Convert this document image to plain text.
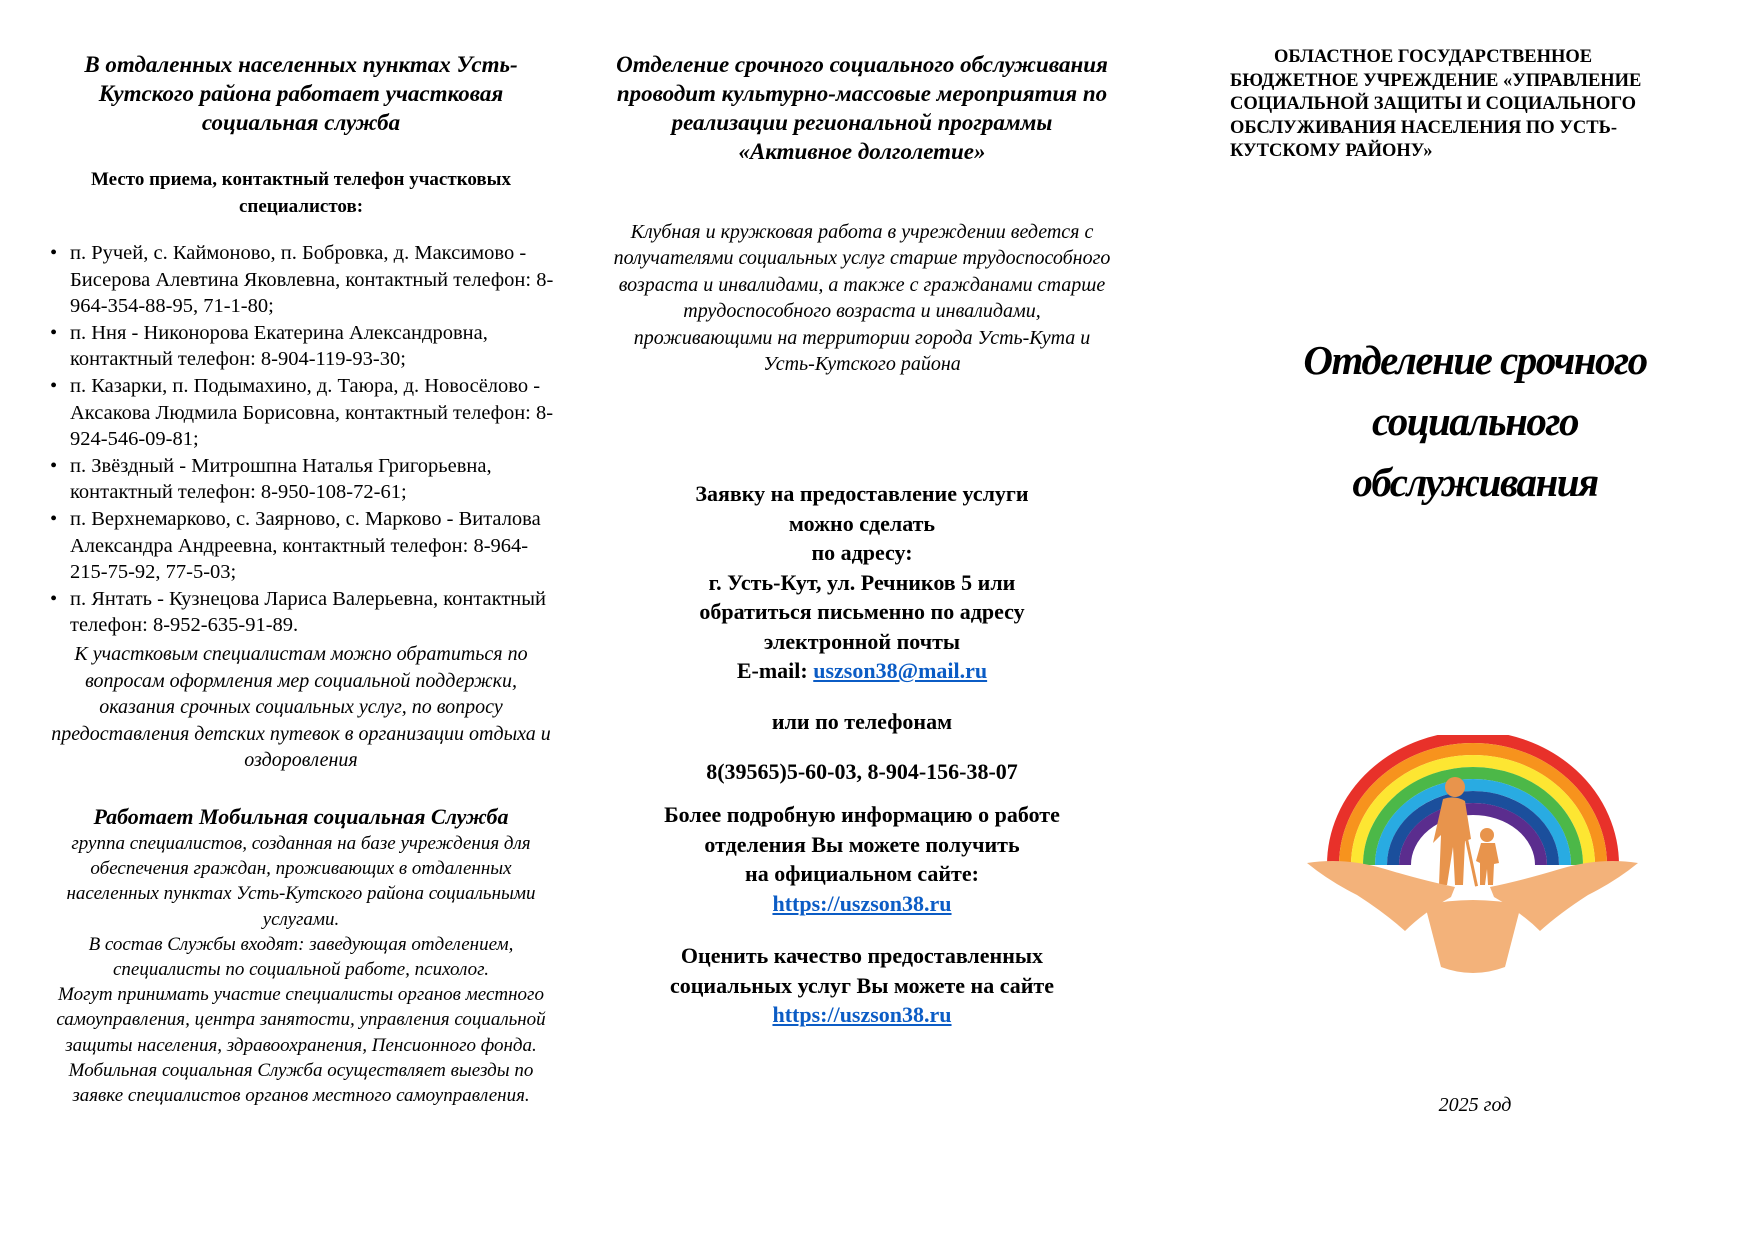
В отдаленных населенных пунктах Усть-Кутского района работает участковая социальная служба
Место приема, контактный телефон участковых специалистов:
• п. Ручей, с. Каймоново, п. Бобровка, д. Максимово - Бисерова Алевтина Яковлевна, контактный телефон: 8-964-354-88-95, 71-1-80;
• п. Ння - Никонорова Екатерина Александровна, контактный телефон: 8-904-119-93-30;
• п. Казарки, п. Подымахино, д. Таюра, д. Новосёлово - Аксакова Людмила Борисовна, контактный телефон: 8-924-546-09-81;
• п. Звёздный - Митрошпна Наталья Григорьевна, контактный телефон: 8-950-108-72-61;
• п. Верхнемарково, с. Заярново, с. Марково - Виталова Александра Андреевна, контактный телефон: 8-964-215-75-92, 77-5-03;
• п. Янтать - Кузнецова Лариса Валерьевна, контактный телефон: 8-952-635-91-89.
К участковым специалистам можно обратиться по вопросам оформления мер социальной поддержки, оказания срочных социальных услуг, по вопросу предоставления детских путевок в организации отдыха и оздоровления
Работает Мобильная социальная Служба
группа специалистов, созданная на базе учреждения для обеспечения граждан, проживающих в отдаленных населенных пунктах Усть-Кутского района социальными услугами.
В состав Службы входят: заведующая отделением, специалисты по социальной работе, психолог.
Могут принимать участие специалисты органов местного самоуправления, центра занятости, управления социальной защиты населения, здравоохранения, Пенсионного фонда.
Мобильная социальная Служба осуществляет выезды по заявке специалистов органов местного самоуправления.
Отделение срочного социального обслуживания проводит культурно-массовые мероприятия по реализации региональной программы «Активное долголетие»
Клубная и кружковая работа в учреждении ведется с получателями социальных услуг старше трудоспособного возраста и инвалидами, а также с гражданами старше трудоспособного возраста и инвалидами, проживающими на территории города Усть-Кута и Усть-Кутского района
Заявку на предоставление услуги
можно сделать
по адресу:
г. Усть-Кут, ул. Речников 5 или
обратиться письменно по адресу
электронной почты
E-mail: uszson38@mail.ru
или по телефонам
8(39565)5-60-03, 8-904-156-38-07
Более подробную информацию о работе
отделения Вы можете получить
на официальном сайте:
https://uszson38.ru
Оценить качество предоставленных
социальных услуг Вы можете на сайте
https://uszson38.ru
ОБЛАСТНОЕ ГОСУДАРСТВЕННОЕ
БЮДЖЕТНОЕ УЧРЕЖДЕНИЕ «УПРАВЛЕНИЕ
СОЦИАЛЬНОЙ ЗАЩИТЫ И СОЦИАЛЬНОГО
ОБСЛУЖИВАНИЯ НАСЕЛЕНИЯ ПО УСТЬ-
КУТСКОМУ РАЙОНУ»
Отделение срочного
социального
обслуживания
2025 год
